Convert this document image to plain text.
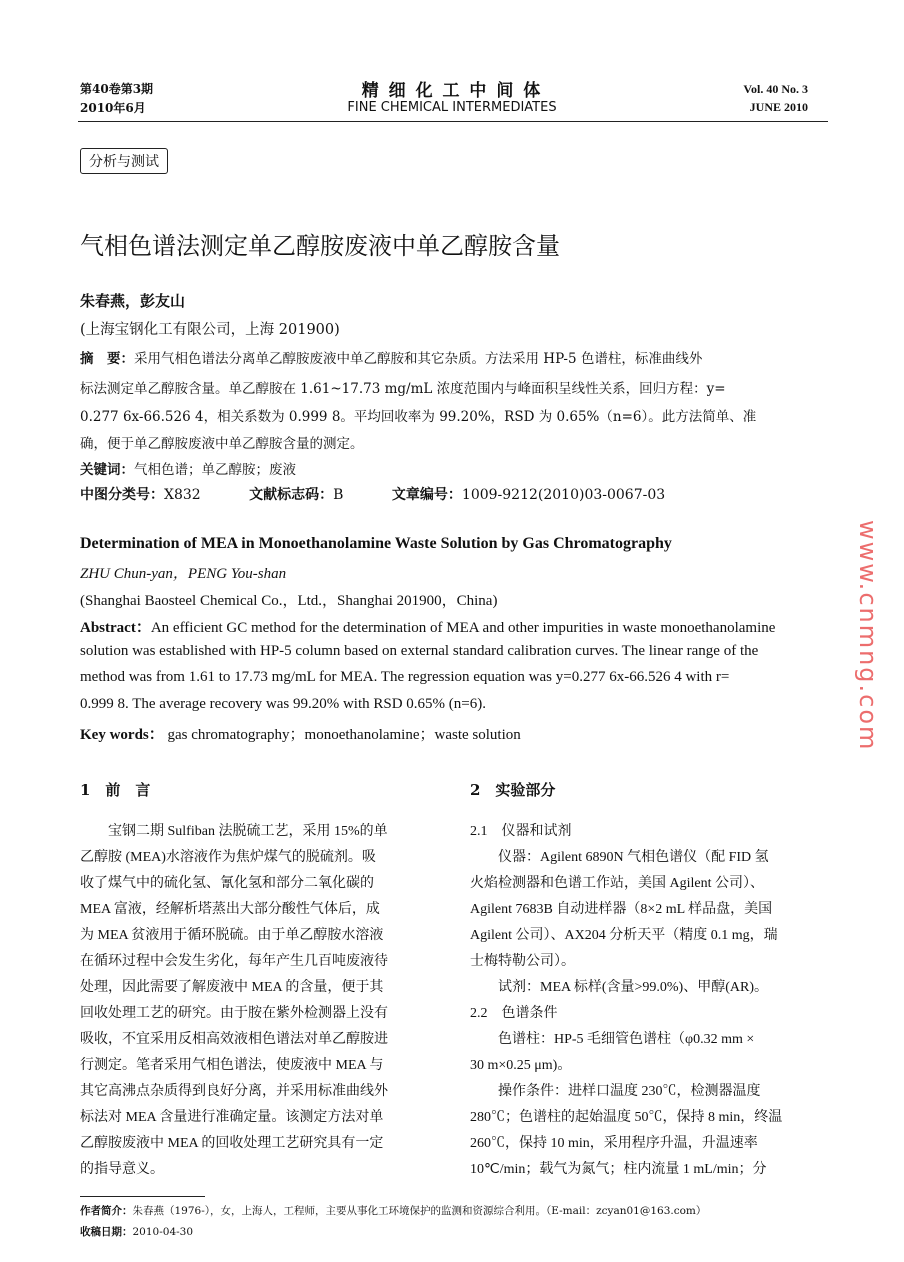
第40卷第3期
2010年6月
精 细 化 工 中 间 体
FINE CHEMICAL INTERMEDIATES
Vol. 40 No. 3
JUNE 2010
分析与测试
气相色谱法测定单乙醇胺废液中单乙醇胺含量
朱春燕，彭友山
(上海宝钢化工有限公司，上海 201900)
摘　要：采用气相色谱法分离单乙醇胺废液中单乙醇胺和其它杂质。方法采用 HP-5 色谱柱，标准曲线外
标法测定单乙醇胺含量。单乙醇胺在 1.61~17.73 mg/mL 浓度范围内与峰面积呈线性关系，回归方程：y=
0.277 6x-66.526 4，相关系数为 0.999 8。平均回收率为 99.20%，RSD 为 0.65%（n=6）。此方法简单、准
确，便于单乙醇胺废液中单乙醇胺含量的测定。
关键词：气相色谱；单乙醇胺；废液
中图分类号：X832	文献标志码：B	文章编号：1009-9212(2010)03-0067-03
Determination of MEA in Monoethanolamine Waste Solution by Gas Chromatography
ZHU Chun-yan，PENG You-shan
(Shanghai Baosteel Chemical Co.，Ltd.，Shanghai 201900，China)
Abstract：An efficient GC method for the determination of MEA and other impurities in waste monoethanolamine
solution was established with HP-5 column based on external standard calibration curves. The linear range of the
method was from 1.61 to 17.73 mg/mL for MEA. The regression equation was y=0.277 6x-66.526 4 with r=
0.999 8. The average recovery was 99.20% with RSD 0.65% (n=6).
Key words： gas chromatography；monoethanolamine；waste solution
1　前　言	2　实验部分
　　宝钢二期 Sulfiban 法脱硫工艺，采用 15%的单
乙醇胺 (MEA)水溶液作为焦炉煤气的脱硫剂。吸
收了煤气中的硫化氢、氰化氢和部分二氧化碳的
MEA 富液，经解析塔蒸出大部分酸性气体后，成
为 MEA 贫液用于循环脱硫。由于单乙醇胺水溶液
在循环过程中会发生劣化，每年产生几百吨废液待
处理，因此需要了解废液中 MEA 的含量，便于其
回收处理工艺的研究。由于胺在紫外检测器上没有
吸收，不宜采用反相高效液相色谱法对单乙醇胺进
行测定。笔者采用气相色谱法，使废液中 MEA 与
其它高沸点杂质得到良好分离，并采用标准曲线外
标法对 MEA 含量进行准确定量。该测定方法对单
乙醇胺废液中 MEA 的回收处理工艺研究具有一定
的指导意义。
2.1　仪器和试剂
　　仪器：Agilent 6890N 气相色谱仪（配 FID 氢
火焰检测器和色谱工作站，美国 Agilent 公司）、
Agilent 7683B 自动进样器（8×2 mL 样品盘，美国
Agilent 公司）、AX204 分析天平（精度 0.1 mg，瑞
士梅特勒公司）。
　　试剂：MEA 标样(含量>99.0%)、甲醇(AR)。
2.2　色谱条件
　　色谱柱：HP-5 毛细管色谱柱（φ0.32 mm ×
30 m×0.25 μm)。
　　操作条件：进样口温度 230℃，检测器温度
280℃；色谱柱的起始温度 50℃，保持 8 min，终温
260℃，保持 10 min，采用程序升温，升温速率
10℃/min；载气为氮气；柱内流量 1 mL/min；分
作者简介：朱春燕（1976-），女，上海人，工程师，主要从事化工环境保护的监测和资源综合利用。（E-mail：zcyan01@163.com）
收稿日期：2010-04-30
www.cnmng.com
